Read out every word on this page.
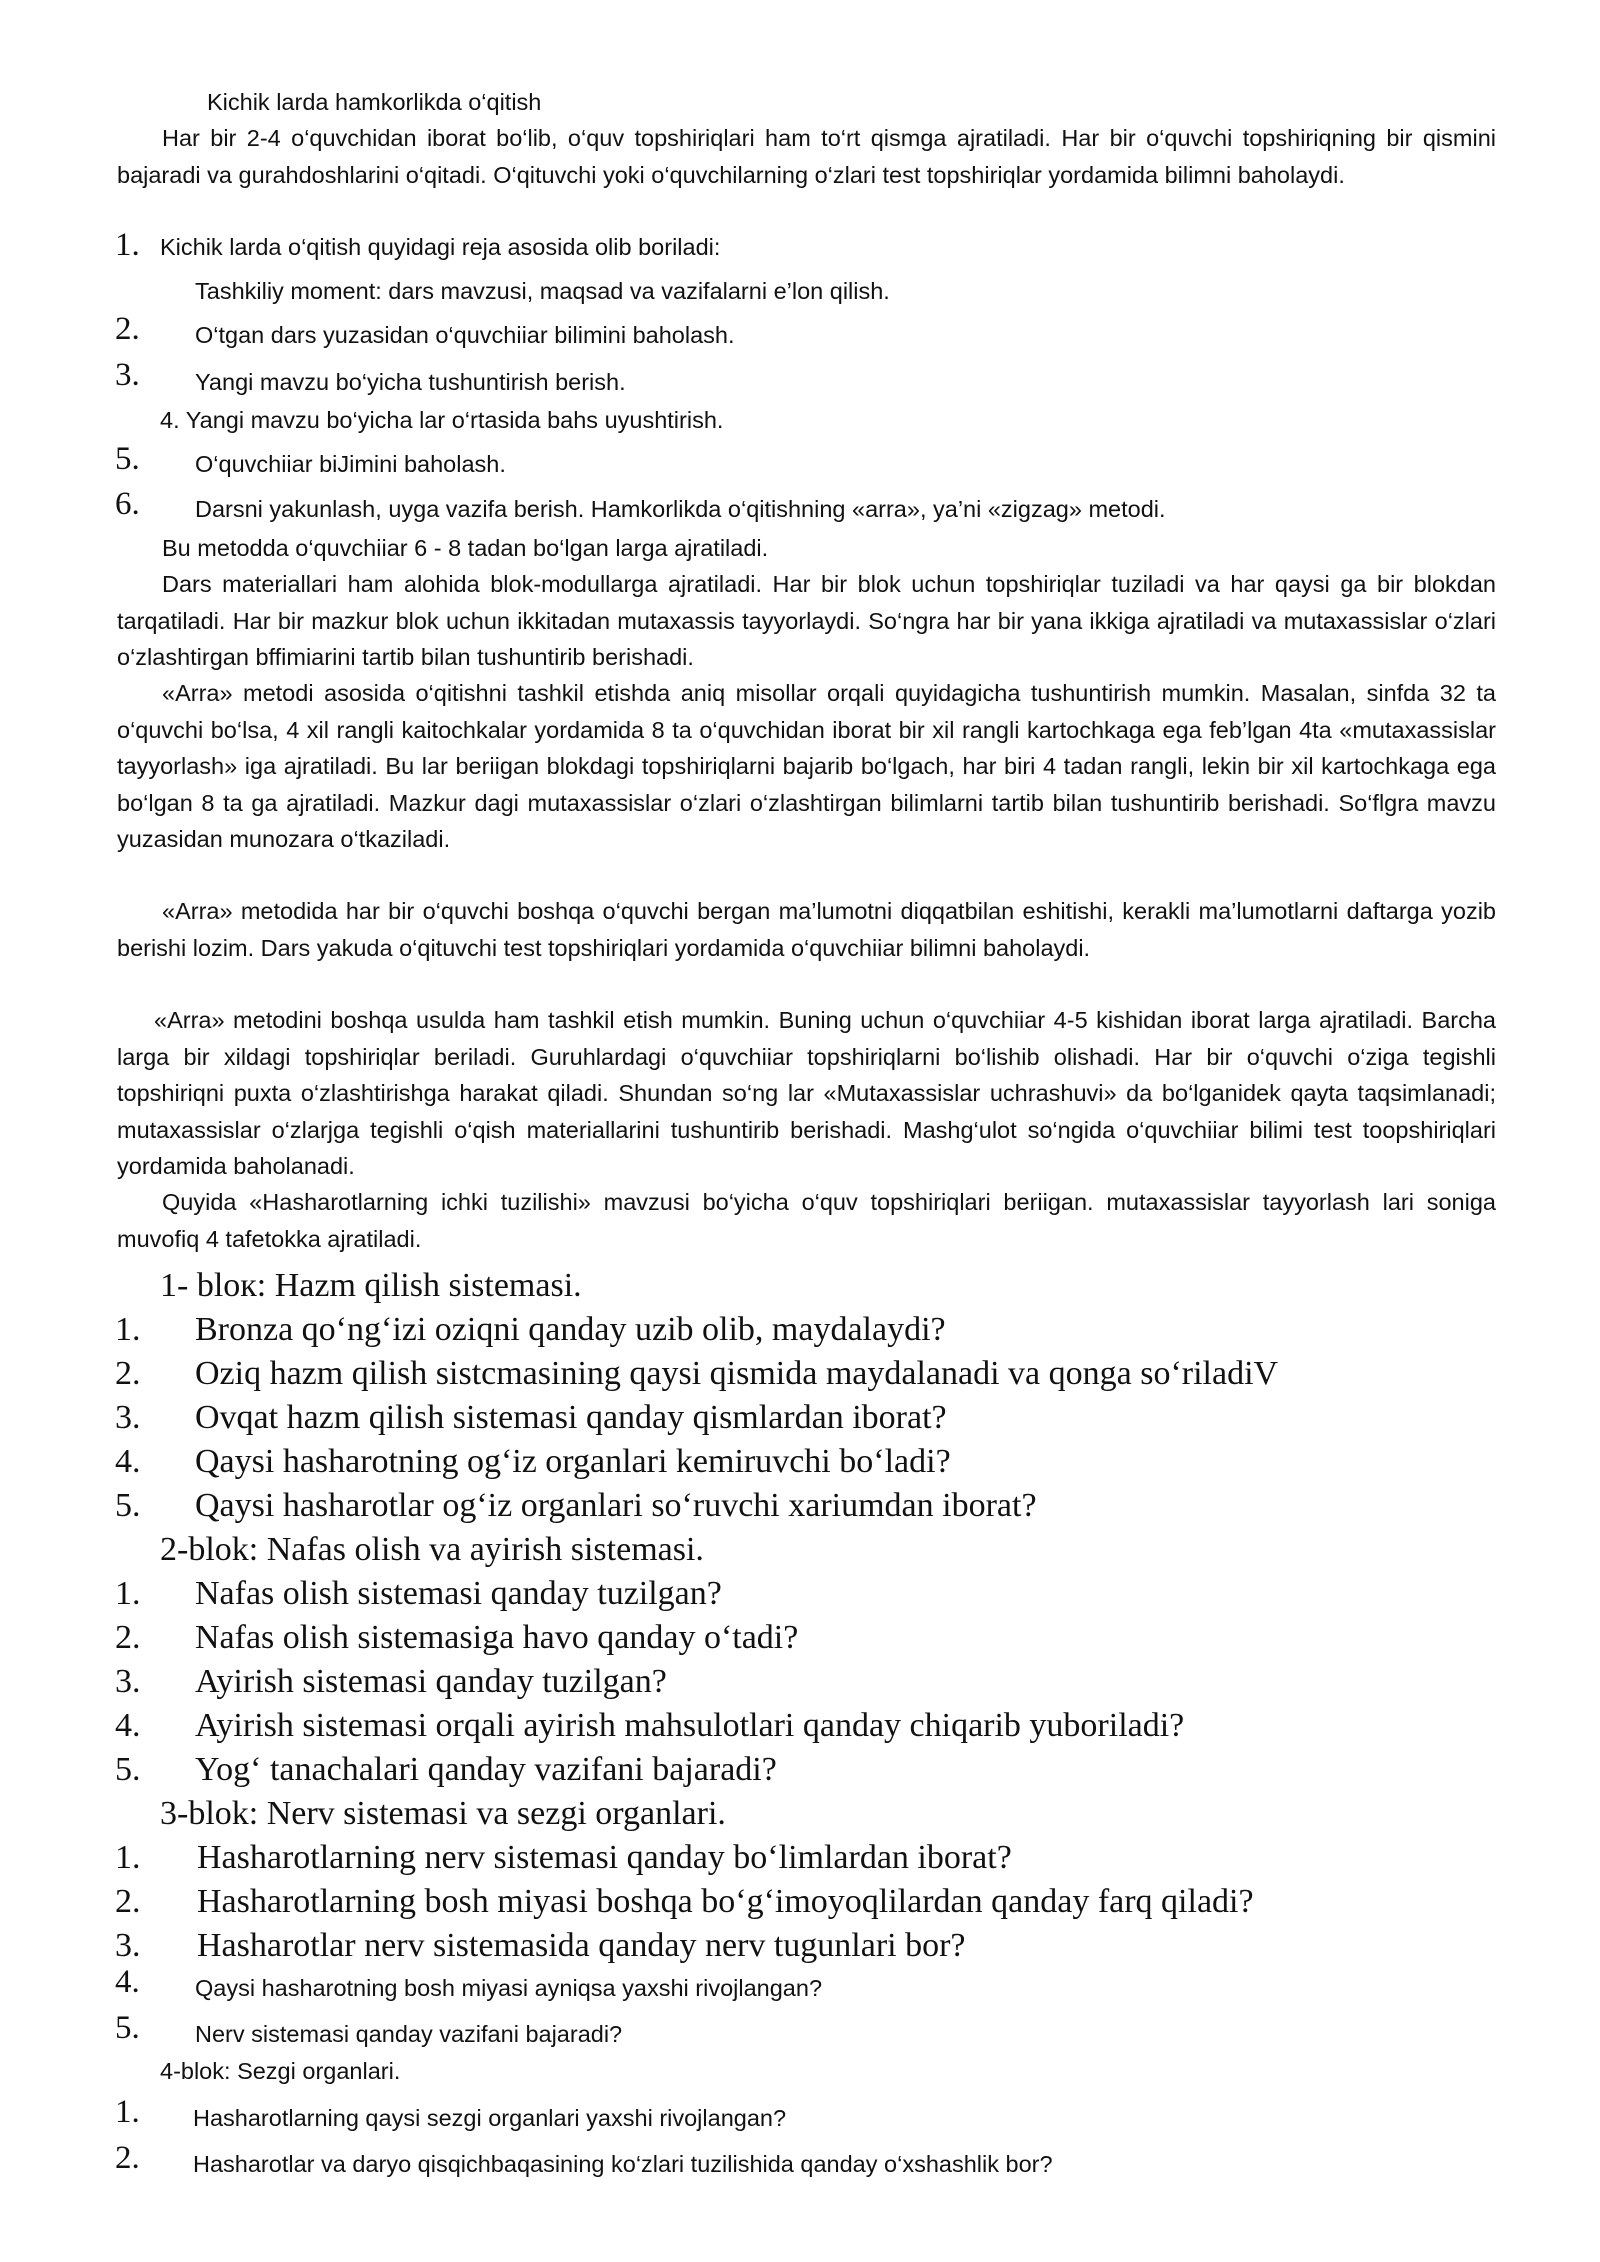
Kichik larda hamkorlikda o‘qitish

Har bir 2-4 o‘quvchidan iborat bo‘lib, o‘quv topshiriqlari ham to‘rt qismga ajratiladi. Har bir o‘quvchi topshiriqning bir qismini bajaradi va gurahdoshlarini o‘qitadi. O‘qituvchi yoki o‘quvchilarning o‘zlari test topshiriqlar yordamida bilimni baholaydi.

Kichik larda o‘qitish quyidagi reja asosida olib boriladi:
1.
Tashkiliy moment: dars mavzusi, maqsad va vazifalarni e’lon qilish.
2. O‘tgan dars yuzasidan o‘quvchiiar bilimini baholash.
3. Yangi mavzu bo‘yicha tushuntirish berish.
4. Yangi mavzu bo‘yicha lar o‘rtasida bahs uyushtirish.
5. O‘quvchiiar biJimini baholash.
6. Darsni yakunlash, uyga vazifa berish. Hamkorlikda o‘qitishning «arra», ya’ni «zigzag» metodi.

Bu metodda o‘quvchiiar 6 - 8 tadan bo‘lgan larga ajratiladi.

Dars materiallari ham alohida blok-modullarga ajratiladi. Har bir blok uchun topshiriqlar tuziladi va har qaysi ga bir blokdan tarqatiladi. Har bir mazkur blok uchun ikkitadan mutaxassis tayyorlaydi. So‘ngra har bir yana ikkiga ajratiladi va mutaxassislar o‘zlari o‘zlashtirgan bffimiarini tartib bilan tushuntirib berishadi.

«Arra» metodi asosida o‘qitishni tashkil etishda aniq misollar orqali quyidagicha tushuntirish mumkin. Masalan, sinfda 32 ta o‘quvchi bo‘lsa, 4 xil rangli kaitochkalar yordamida 8 ta o‘quvchidan iborat bir xil rangli kartochkaga ega feb’lgan 4ta «mutaxassislar tayyorlash» iga ajratiladi. Bu lar beriigan blokdagi topshiriqlarni bajarib bo‘lgach, har biri 4 tadan rangli, lekin bir xil kartochkaga ega bo‘lgan 8 ta ga ajratiladi. Mazkur dagi mutaxassislar o‘zlari o‘zlashtirgan bilimlarni tartib bilan tushuntirib berishadi. So‘flgra mavzu yuzasidan munozara o‘tkaziladi.

«Arra» metodida har bir o‘quvchi boshqa o‘quvchi bergan ma’lumotni diqqatbilan eshitishi, kerakli ma’lumotlarni daftarga yozib berishi lozim. Dars yakuda o‘qituvchi test topshiriqlari yordamida o‘quvchiiar bilimni baholaydi.

«Arra» metodini boshqa usulda ham tashkil etish mumkin. Buning uchun o‘quvchiiar 4-5 kishidan iborat larga ajratiladi. Barcha larga bir xildagi topshiriqlar beriladi. Guruhlardagi o‘quvchiiar topshiriqlarni bo‘lishib olishadi. Har bir o‘quvchi o‘ziga tegishli topshiriqni puxta o‘zlashtirishga harakat qiladi. Shundan so‘ng lar «Mutaxassislar uchrashuvi» da bo‘lganidek qayta taqsimlanadi; mutaxassislar o‘zlarjga tegishli o‘qish materiallarini tushuntirib berishadi. Mashg‘ulot so‘ngida o‘quvchiiar bilimi test toopshiriqlari yordamida baholanadi.

Quyida «Hasharotlarning ichki tuzilishi» mavzusi bo‘yicha o‘quv topshiriqlari beriigan. mutaxassislar tayyorlash lari soniga muvofiq 4 tafetokka ajratiladi.

1- blок: Hazm qilish sistemasi.
1. Bronza qo‘ng‘izi oziqni qanday uzib olib, maydalaydi?
2. Oziq hazm qilish sistcmasining qaysi qismida maydalanadi va qonga so‘riladiV
3. Ovqat hazm qilish sistemasi qanday qismlardan iborat?
4. Qaysi hasharotning og‘iz organlari kemiruvchi bo‘ladi?
5. Qaysi hasharotlar og‘iz organlari so‘ruvchi xariumdan iborat?
2-blok: Nafas olish va ayirish sistemasi.
1. Nafas olish sistemasi qanday tuzilgan?
2. Nafas olish sistemasiga havo qanday o‘tadi?
3. Ayirish sistemasi qanday tuzilgan?
4. Ayirish sistemasi orqali ayirish mahsulotlari qanday chiqarib yuboriladi?
5. Yog‘ tanachalari qanday vazifani bajaradi?
3-blok: Nerv sistemasi va sezgi organlari.
1. Hasharotlarning nerv sistemasi qanday bo‘limlardan iborat?
2. Hasharotlarning bosh miyasi boshqa bo‘g‘imoyoqlilardan qanday farq qiladi?
3. Hasharotlar nerv sistemasida qanday nerv tugunlari bor?
4. Qaysi hasharotning bosh miyasi ayniqsa yaxshi rivojlangan?
5. Nerv sistemasi qanday vazifani bajaradi?
4-blok: Sezgi organlari.
1. Hasharotlarning qaysi sezgi organlari yaxshi rivojlangan?
2. Hasharotlar va daryo qisqichbaqasining ko‘zlari tuzilishida qanday o‘xshashlik bor?
